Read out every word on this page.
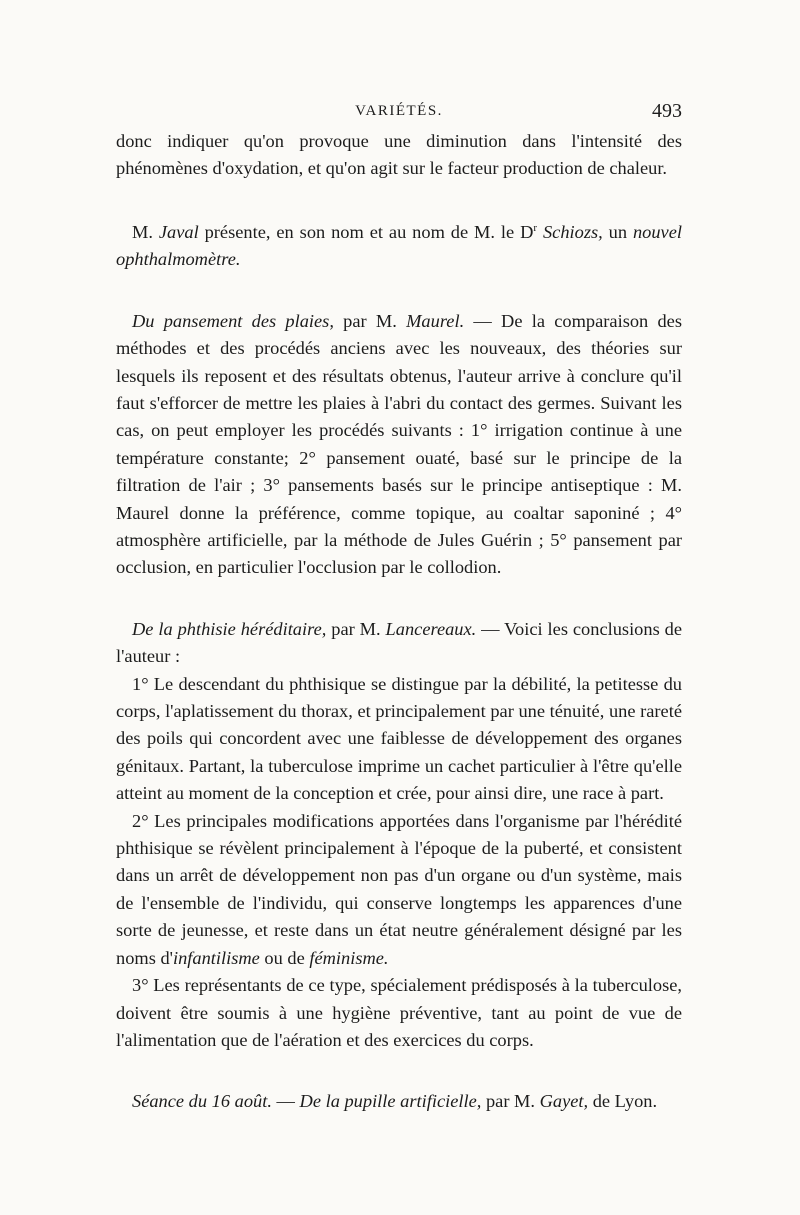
VARIÉTÉS.	493

donc indiquer qu'on provoque une diminution dans l'intensité des phénomènes d'oxydation, et qu'on agit sur le facteur production de chaleur.

M. Javal présente, en son nom et au nom de M. le $D^r$ Schiozs, un nouvel ophthalmomètre.

Du pansement des plaies, par M. Maurel. — De la comparaison des méthodes et des procédés anciens avec les nouveaux, des théories sur lesquels ils reposent et des résultats obtenus, l'auteur arrive à conclure qu'il faut s'efforcer de mettre les plaies à l'abri du contact des germes. Suivant les cas, on peut employer les procédés suivants : 1° irrigation continue à une température constante; 2° pansement ouaté, basé sur le principe de la filtration de l'air ; 3° pansements basés sur le principe antiseptique : M. Maurel donne la préférence, comme topique, au coaltar saponiné ; 4° atmosphère artificielle, par la méthode de Jules Guérin ; 5° pansement par occlusion, en particulier l'occlusion par le collodion.

De la phthisie héréditaire, par M. Lancereaux. — Voici les conclusions de l'auteur :

1° Le descendant du phthisique se distingue par la débilité, la petitesse du corps, l'aplatissement du thorax, et principalement par une ténuité, une rareté des poils qui concordent avec une faiblesse de développement des organes génitaux. Partant, la tuberculose imprime un cachet particulier à l'être qu'elle atteint au moment de la conception et crée, pour ainsi dire, une race à part.

2° Les principales modifications apportées dans l'organisme par l'hérédité phthisique se révèlent principalement à l'époque de la puberté, et consistent dans un arrêt de développement non pas d'un organe ou d'un système, mais de l'ensemble de l'individu, qui conserve longtemps les apparences d'une sorte de jeunesse, et reste dans un état neutre généralement désigné par les noms d'infantilisme ou de féminisme.

3° Les représentants de ce type, spécialement prédisposés à la tuberculose, doivent être soumis à une hygiène préventive, tant au point de vue de l'alimentation que de l'aération et des exercices du corps.

Séance du 16 août. — De la pupille artificielle, par M. Gayet, de Lyon.
